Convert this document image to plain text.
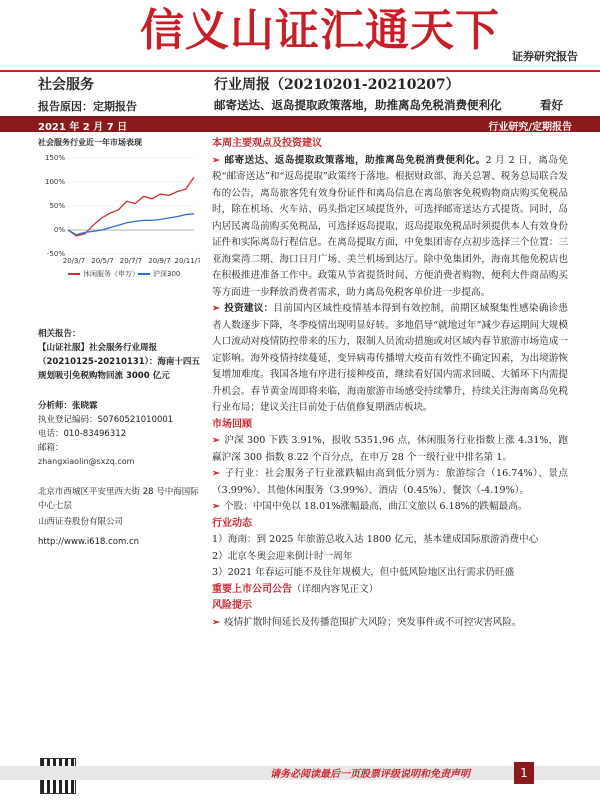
信义山证汇通天下
证券研究报告
社会服务
报告原因：定期报告
行业周报（20210201-20210207）
邮寄送达、返岛提取政策落地，助推离岛免税消费便利化	看好
2021 年 2 月 7 日	行业研究/定期报告
社会服务行业近一年市场表现
150%
100%
50%
0%
-50%
20/3/7 20/5/7 20/7/7 20/9/7 20/11/7
休闲服务（申万） 沪深300
相关报告：
【山证社服】社会服务行业周报（20210125-20210131）：海南十四五规划吸引免税购物回流 3000 亿元
分析师：张晓霖
执业登记编码：S0760521010001
电话：010-83496312
邮箱：
zhangxiaolin@sxzq.com
北京市西城区平安里西大街 28 号中海国际中心七层
山西证券股份有限公司
http://www.i618.com.cn

本周主要观点及投资建议

➢ 邮寄送达、返岛提取政策落地，助推离岛免税消费便利化。2 月 2 日，离岛免税“邮寄送达”和“返岛提取”政策终于落地。根据财政部、海关总署、税务总局联合发布的公告，离岛旅客凭有效身份证件和离岛信息在离岛旅客免税购物商店购买免税品时，除在机场、火车站、码头指定区域提货外，可选择邮寄送达方式提货。同时，岛内居民离岛前购买免税品，可选择返岛提取，返岛提取免税品时须提供本人有效身份证件和实际离岛行程信息。在离岛提取方面，中免集团寄存点初步选择三个位置：三亚海棠湾二期、海口日月广场、美兰机场到达厅。除中免集团外，海南其他免税店也在积极推进准备工作中。政策从节省提货时间、方便消费者购物、便利大件商品购买等方面进一步释放消费者需求，助力离岛免税客单价进一步提高。

➢ 投资建议：目前国内区域性疫情基本得到有效控制，前期区域聚集性感染确诊患者人数逐步下降，冬季疫情出现明显好转。多地倡导“就地过年”减少春运期间大规模人口流动对疫情防控带来的压力，限制人员流动措施或对区域内春节旅游市场造成一定影响。海外疫情持续蔓延，变异病毒传播增大疫苗有效性不确定因素，为出境游恢复增加难度。我国各地有序进行接种疫苗，继续看好国内需求回暖、大循环下内需提升机会。春节黄金周即将来临，海南旅游市场感受持续攀升，持续关注海南离岛免税行业布局；建议关注目前处于估值修复期酒店板块。

市场回顾

➢ 沪深 300 下跌 3.91%，报收 5351.96 点，休闲服务行业指数上涨 4.31%，跑赢沪深 300 指数 8.22 个百分点，在申万 28 个一级行业中排名第 1。

➢ 子行业：社会服务子行业涨跌幅由高到低分别为：旅游综合（16.74%）、景点（3.99%）、其他休闲服务（3.99%）、酒店（0.45%）、餐饮（-4.19%）。

➢ 个股：中国中免以 18.01%涨幅最高，曲江文旅以 6.18%的跌幅最高。

行业动态

1）海南：到 2025 年旅游总收入达 1800 亿元，基本建成国际旅游消费中心

2）北京冬奥会迎来倒计时一周年

3）2021 年春运可能不及往年规模大，但中低风险地区出行需求仍旺盛

重要上市公司公告（详细内容见正文）

风险提示

➢ 疫情扩散时间延长及传播范围扩大风险；突发事件或不可控灾害风险。

请务必阅读最后一页股票评级说明和免责声明	1
